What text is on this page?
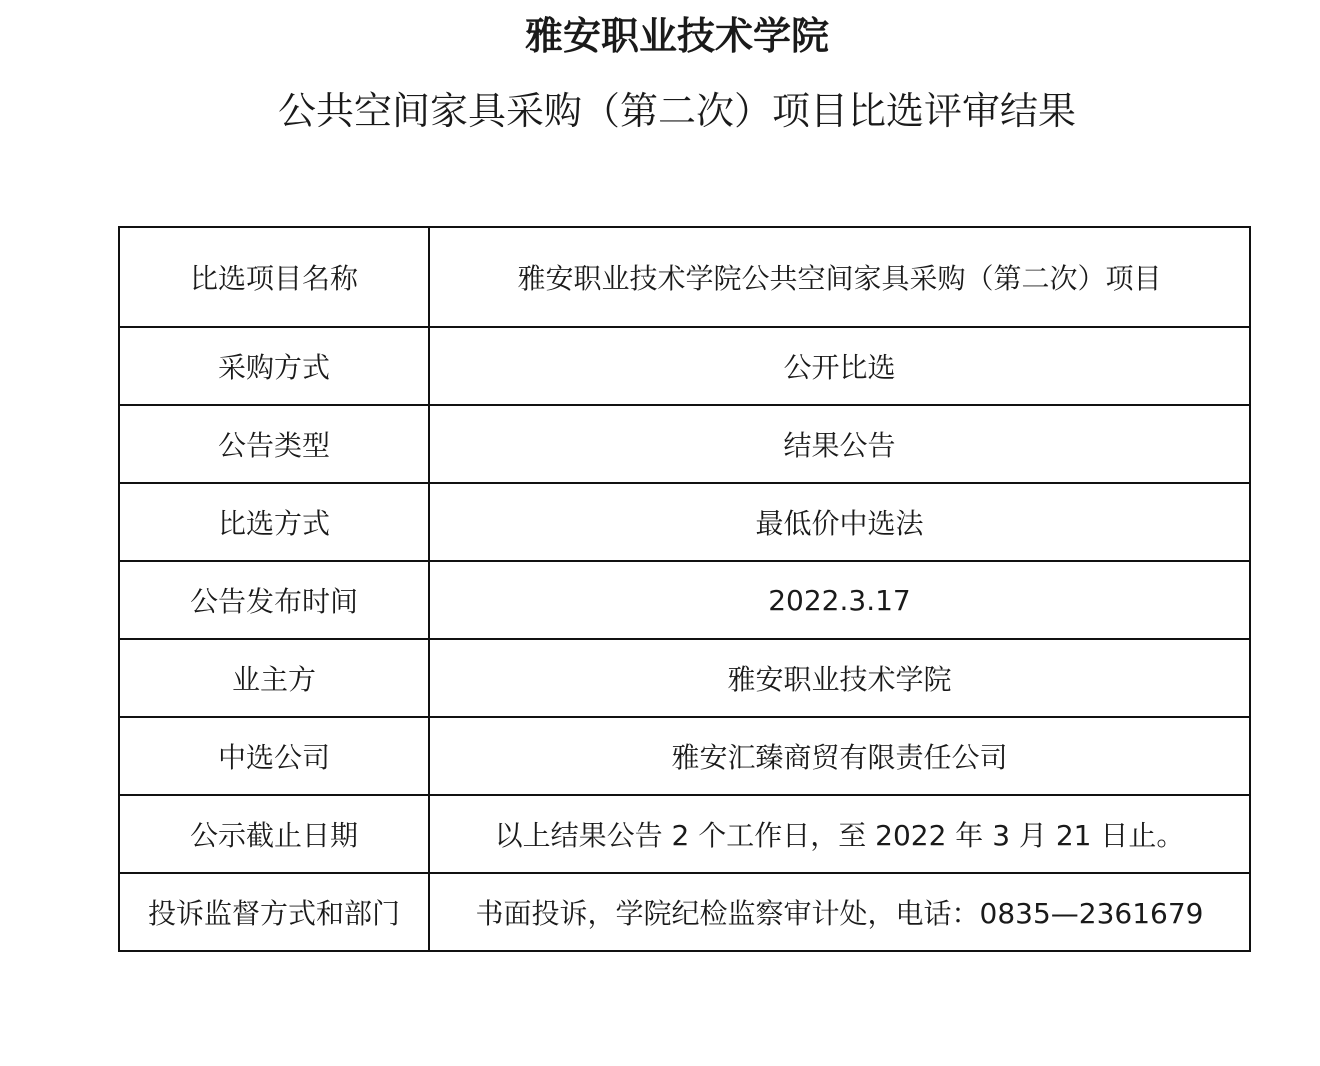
雅安职业技术学院
公共空间家具采购（第二次）项目比选评审结果
比选项目名称	雅安职业技术学院公共空间家具采购（第二次）项目
采购方式	公开比选
公告类型	结果公告
比选方式	最低价中选法
公告发布时间	2022.3.17
业主方	雅安职业技术学院
中选公司	雅安汇臻商贸有限责任公司
公示截止日期	以上结果公告 2 个工作日，至 2022 年 3 月 21 日止。
投诉监督方式和部门	书面投诉，学院纪检监察审计处，电话：0835—2361679
